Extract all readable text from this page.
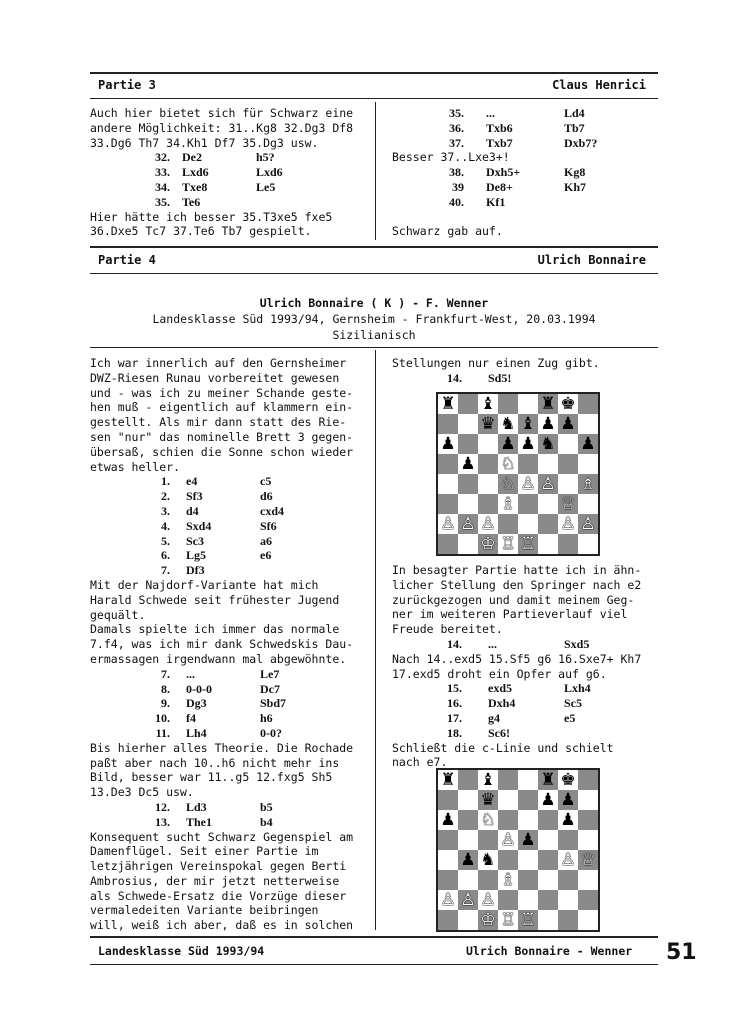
Partie 3	Claus Henrici
Auch hier bietet sich für Schwarz eine
andere Möglichkeit: 31..Kg8 32.Dg3 Df8
33.Dg6 Th7 34.Kh1 Df7 35.Dg3 usw.
32. De2	h5?
33. Lxd6	Lxd6
34. Txe8	Le5
35. Te6
Hier hätte ich besser 35.T3xe5 fxe5
36.Dxe5 Tc7 37.Te6 Tb7 gespielt.
35. ...	Ld4
36. Txb6	Tb7
37. Txb7	Dxb7?
Besser 37..Lxe3+!
38. Dxh5+	Kg8
39 De8+	Kh7
40. Kf1
Schwarz gab auf.
Partie 4	Ulrich Bonnaire
Ulrich Bonnaire ( K ) - F. Wenner
Landesklasse Süd 1993/94, Gernsheim - Frankfurt-West, 20.03.1994
Sizilianisch
Ich war innerlich auf den Gernsheimer
DWZ-Riesen Runau vorbereitet gewesen
und - was ich zu meiner Schande geste-
hen muß - eigentlich auf klammern ein-
gestellt. Als mir dann statt des Rie-
sen "nur" das nominelle Brett 3 gegen-
übersaß, schien die Sonne schon wieder
etwas heller.
1. e4	c5
2. Sf3	d6
3. d4	cxd4
4. Sxd4	Sf6
5. Sc3	a6
6. Lg5	e6
7. Df3
Mit der Najdorf-Variante hat mich
Harald Schwede seit frühester Jugend
gequält.
Damals spielte ich immer das normale
7.f4, was ich mir dank Schwedskis Dau-
ermassagen irgendwann mal abgewöhnte.
7. ...	Le7
8. 0-0-0	Dc7
9. Dg3	Sbd7
10. f4	h6
11. Lh4	0-0?
Bis hierher alles Theorie. Die Rochade
paßt aber nach 10..h6 nicht mehr ins
Bild, besser war 11..g5 12.fxg5 Sh5
13.De3 Dc5 usw.
12. Ld3	b5
13. The1	b4
Konsequent sucht Schwarz Gegenspiel am
Damenflügel. Seit einer Partie im
letzjährigen Vereinspokal gegen Berti
Ambrosius, der mir jetzt netterweise
als Schwede-Ersatz die Vorzüge dieser
vermaledeiten Variante beibringen
will, weiß ich aber, daß es in solchen
Stellungen nur einen Zug gibt.
14. Sd5!
♜ ♝	♜ ♚
♛ ♞ ♝ ♟ ♟
♟	♟ ♟ ♞ ♟
♟ ♘
♘ ♙ ♙ ♗
♗	♕
♙ ♙ ♙	♙ ♙
♔ ♖ ♖
In besagter Partie hatte ich in ähn-
licher Stellung den Springer nach e2
zurückgezogen und damit meinem Geg-
ner im weiteren Partieverlauf viel
Freude bereitet.
14. ...	Sxd5
Nach 14..exd5 15.Sf5 g6 16.Sxe7+ Kh7
17.exd5 droht ein Opfer auf g6.
15. exd5	Lxh4
16. Dxh4	Sc5
17. g4	e5
18. Sc6!
Schließt die c-Linie und schielt
nach e7.
♜ ♝	♜ ♚
♛	♟ ♟
♟ ♘	♟
♙ ♟
♟ ♞	♙ ♕
♗
♙ ♙ ♙
♔ ♖ ♖
Landesklasse Süd 1993/94	Ulrich Bonnaire - Wenner 51
